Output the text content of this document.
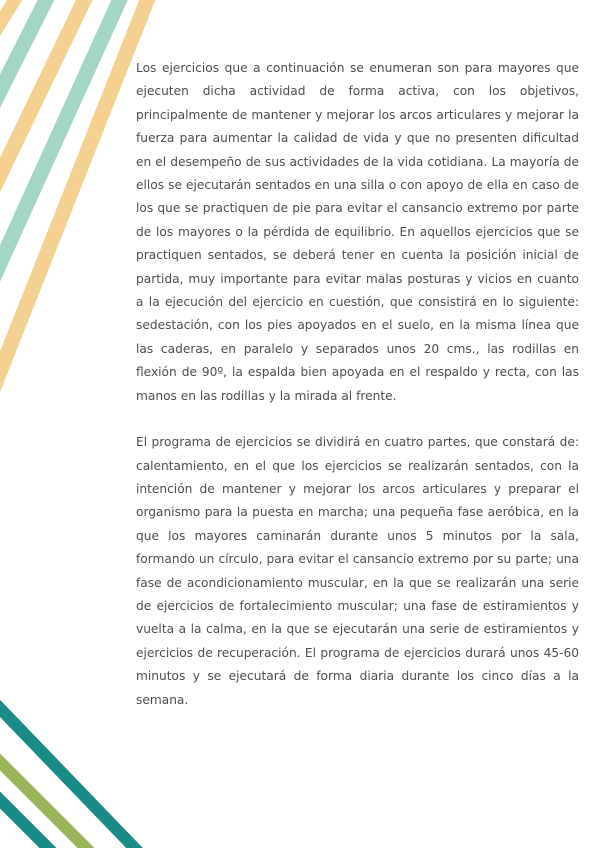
Los ejercicios que a continuación se enumeran son para mayores que ejecuten dicha actividad de forma activa, con los objetivos, principalmente de mantener y mejorar los arcos articulares y mejorar la fuerza para aumentar la calidad de vida y que no presenten dificultad en el desempeño de sus actividades de la vida cotidiana. La mayoría de ellos se ejecutarán sentados en una silla o con apoyo de ella en caso de los que se practiquen de pie para evitar el cansancio extremo por parte de los mayores o la pérdida de equilibrio. En aquellos ejercicios que se practiquen sentados, se deberá tener en cuenta la posición inicial de partida, muy importante para evitar malas posturas y vicios en cuanto a la ejecución del ejercicio en cuestión, que consistirá en lo siguiente: sedestación, con los pies apoyados en el suelo, en la misma línea que las caderas, en paralelo y separados unos 20 cms., las rodillas en flexión de 90º, la espalda bien apoyada en el respaldo y recta, con las manos en las rodillas y la mirada al frente.

El programa de ejercicios se dividirá en cuatro partes, que constará de: calentamiento, en el que los ejercicios se realizarán sentados, con la intención de mantener y mejorar los arcos articulares y preparar el organismo para la puesta en marcha; una pequeña fase aeróbica, en la que los mayores caminarán durante unos 5 minutos por la sala, formando un círculo, para evitar el cansancio extremo por su parte; una fase de acondicionamiento muscular, en la que se realizarán una serie de ejercicios de fortalecimiento muscular; una fase de estiramientos y vuelta a la calma, en la que se ejecutarán una serie de estiramientos y ejercicios de recuperación. El programa de ejercicios durará unos 45-60 minutos y se ejecutará de forma diaria durante los cinco días a la semana.
